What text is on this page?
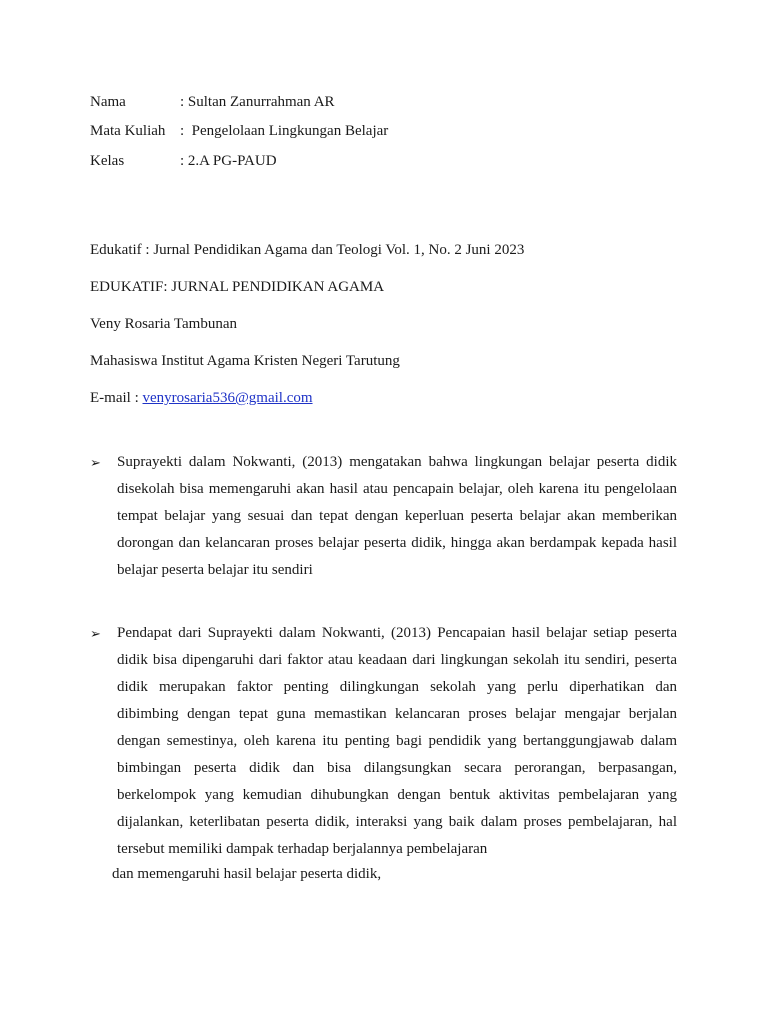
Nama	: Sultan Zanurrahman AR
Mata Kuliah :  Pengelolaan Lingkungan Belajar
Kelas	: 2.A PG-PAUD
Edukatif : Jurnal Pendidikan Agama dan Teologi Vol. 1, No. 2 Juni 2023
EDUKATIF: JURNAL PENDIDIKAN AGAMA
Veny Rosaria Tambunan
Mahasiswa Institut Agama Kristen Negeri Tarutung
E-mail : venyrosaria536@gmail.com
➢ Suprayekti dalam Nokwanti, (2013) mengatakan bahwa lingkungan belajar peserta didik
disekolah bisa memengaruhi akan hasil atau pencapain belajar, oleh karena itu pengelolaan
tempat belajar yang sesuai dan tepat dengan keperluan peserta belajar akan memberikan
dorongan dan kelancaran proses belajar peserta didik, hingga akan berdampak kepada hasil
belajar peserta belajar itu sendiri
➢ Pendapat dari Suprayekti dalam Nokwanti, (2013) Pencapaian hasil belajar setiap peserta
didik bisa dipengaruhi dari faktor atau keadaan dari lingkungan sekolah itu sendiri, peserta
didik merupakan faktor penting dilingkungan sekolah yang perlu diperhatikan dan
dibimbing dengan tepat guna memastikan kelancaran proses belajar mengajar berjalan
dengan semestinya, oleh karena itu penting bagi pendidik yang bertanggungjawab dalam
bimbingan peserta didik dan bisa dilangsungkan secara perorangan, berpasangan,
berkelompok yang kemudian dihubungkan dengan bentuk aktivitas pembelajaran yang
dijalankan, keterlibatan peserta didik, interaksi yang baik dalam proses pembelajaran, hal
tersebut memiliki dampak terhadap berjalannya pembelajaran
dan memengaruhi hasil belajar peserta didik,
